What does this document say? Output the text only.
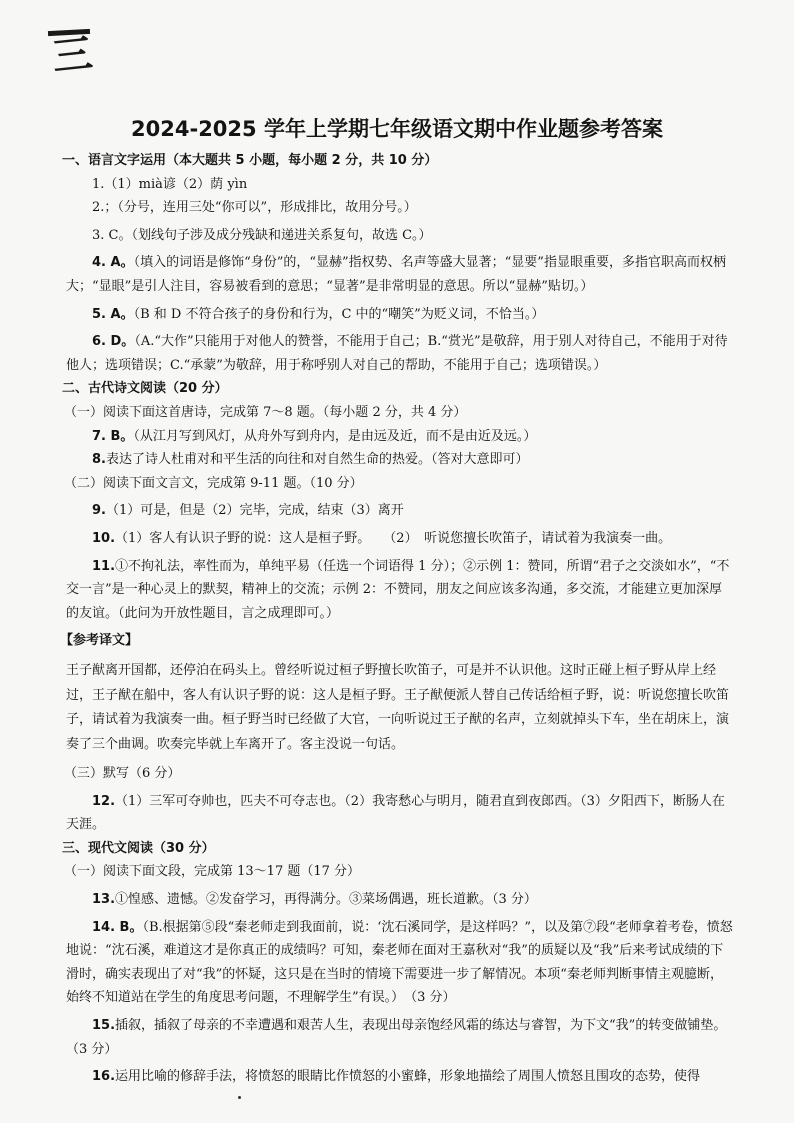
三
2024-2025 学年上学期七年级语文期中作业题参考答案

一、语言文字运用（本大题共 5 小题，每小题 2 分，共 10 分）

1.（1）mià谚（2）荫 yìn

2.；（分号，连用三处“你可以”，形成排比，故用分号。）

3. C。（划线句子涉及成分残缺和递进关系复句，故选 C。）

4. A。（填入的词语是修饰“身份”的，“显赫”指权势、名声等盛大显著；“显要”指显眼重要，多指官职高而权柄大；“显眼”是引人注目，容易被看到的意思；“显著”是非常明显的意思。所以“显赫”贴切。）

5. A。（B 和 D 不符合孩子的身份和行为，C 中的“嘲笑”为贬义词，不恰当。）

6. D。（A.“大作”只能用于对他人的赞誉，不能用于自己；B.“赏光”是敬辞，用于别人对待自己，不能用于对待他人；选项错误；C.“承蒙”为敬辞，用于称呼别人对自己的帮助，不能用于自己；选项错误。）

二、古代诗文阅读（20 分）

（一）阅读下面这首唐诗，完成第 7～8 题。（每小题 2 分，共 4 分）

7. B。（从江月写到风灯，从舟外写到舟内，是由远及近，而不是由近及远。）

8.表达了诗人杜甫对和平生活的向往和对自然生命的热爱。（答对大意即可）

（二）阅读下面文言文，完成第 9-11 题。（10 分）

9.（1）可是，但是（2）完毕，完成，结束（3）离开

10.（1）客人有认识子野的说：这人是桓子野。　　（2）　听说您擅长吹笛子，请试着为我演奏一曲。

11.①不拘礼法，率性而为，单纯平易（任选一个词语得 1 分）；②示例 1：赞同，所谓“君子之交淡如水”，“不交一言”是一种心灵上的默契，精神上的交流；示例 2：不赞同，朋友之间应该多沟通，多交流，才能建立更加深厚的友谊。（此问为开放性题目，言之成理即可。）

【参考译文】

王子猷离开国都，还停泊在码头上。曾经听说过桓子野擅长吹笛子，可是并不认识他。这时正碰上桓子野从岸上经过，王子猷在船中，客人有认识子野的说：这人是桓子野。王子猷便派人替自己传话给桓子野，说：听说您擅长吹笛子，请试着为我演奏一曲。桓子野当时已经做了大官，一向听说过王子猷的名声，立刻就掉头下车，坐在胡床上，演奏了三个曲调。吹奏完毕就上车离开了。客主没说一句话。

（三）默写（6 分）

12.（1）三军可夺帅也，匹夫不可夺志也。（2）我寄愁心与明月，随君直到夜郎西。（3）夕阳西下，断肠人在天涯。

三、现代文阅读（30 分）

（一）阅读下面文段，完成第 13～17 题（17 分）

13.①惶感、遗憾。②发奋学习，再得满分。③菜场偶遇，班长道歉。（3 分）

14. B。（B.根据第⑤段“秦老师走到我面前，说：‘沈石溪同学，是这样吗？”，以及第⑦段“老师拿着考卷，愤怒地说：“沈石溪，难道这才是你真正的成绩吗？可知，秦老师在面对王嘉秋对“我”的质疑以及“我”后来考试成绩的下滑时，确实表现出了对“我”的怀疑，这只是在当时的情境下需要进一步了解情况。本项“秦老师判断事情主观臆断，始终不知道站在学生的角度思考问题，不理解学生”有误。）　（3 分）

15.插叙，插叙了母亲的不幸遭遇和艰苦人生，表现出母亲饱经风霜的练达与睿智，为下文“我”的转变做铺垫。（3 分）

16.运用比喻的修辞手法，将愤怒的眼睛比作愤怒的小蜜蜂，形象地描绘了周围人愤怒且围攻的态势，使得
